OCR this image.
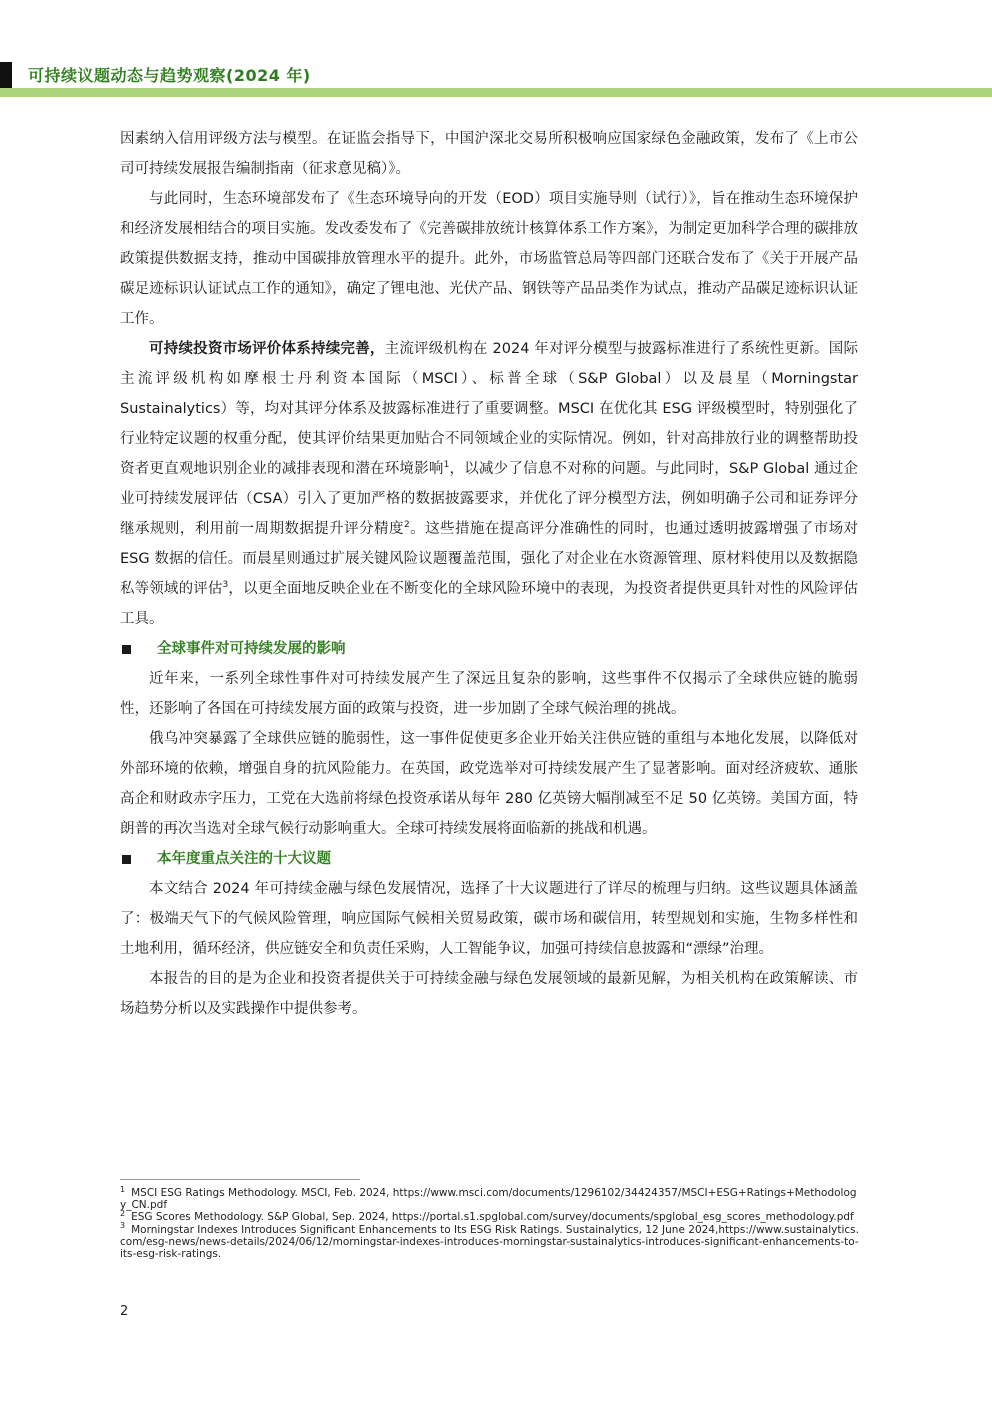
可持续议题动态与趋势观察(2024 年)

因素纳入信用评级方法与模型。在证监会指导下，中国沪深北交易所积极响应国家绿色金融政策，发布了《上市公司可持续发展报告编制指南（征求意见稿）》。

与此同时，生态环境部发布了《生态环境导向的开发（EOD）项目实施导则（试行）》，旨在推动生态环境保护和经济发展相结合的项目实施。发改委发布了《完善碳排放统计核算体系工作方案》，为制定更加科学合理的碳排放政策提供数据支持，推动中国碳排放管理水平的提升。此外，市场监管总局等四部门还联合发布了《关于开展产品碳足迹标识认证试点工作的通知》，确定了锂电池、光伏产品、钢铁等产品品类作为试点，推动产品碳足迹标识认证工作。

可持续投资市场评价体系持续完善，主流评级机构在 2024 年对评分模型与披露标准进行了系统性更新。国际主流评级机构如摩根士丹利资本国际（MSCI）、标普全球（S&P Global）以及晨星（Morningstar Sustainalytics）等，均对其评分体系及披露标准进行了重要调整。MSCI 在优化其 ESG 评级模型时，特别强化了行业特定议题的权重分配，使其评价结果更加贴合不同领域企业的实际情况。例如，针对高排放行业的调整帮助投资者更直观地识别企业的减排表现和潜在环境影响$^1$，以减少了信息不对称的问题。与此同时，S&P Global 通过企业可持续发展评估（CSA）引入了更加严格的数据披露要求，并优化了评分模型方法，例如明确子公司和证券评分继承规则，利用前一周期数据提升评分精度$^2$。这些措施在提高评分准确性的同时，也通过透明披露增强了市场对 ESG 数据的信任。而晨星则通过扩展关键风险议题覆盖范围，强化了对企业在水资源管理、原材料使用以及数据隐私等领域的评估$^3$，以更全面地反映企业在不断变化的全球风险环境中的表现，为投资者提供更具针对性的风险评估工具。

全球事件对可持续发展的影响

近年来，一系列全球性事件对可持续发展产生了深远且复杂的影响，这些事件不仅揭示了全球供应链的脆弱性，还影响了各国在可持续发展方面的政策与投资，进一步加剧了全球气候治理的挑战。

俄乌冲突暴露了全球供应链的脆弱性，这一事件促使更多企业开始关注供应链的重组与本地化发展，以降低对外部环境的依赖，增强自身的抗风险能力。在英国，政党选举对可持续发展产生了显著影响。面对经济疲软、通胀高企和财政赤字压力，工党在大选前将绿色投资承诺从每年 280 亿英镑大幅削减至不足 50 亿英镑。美国方面，特朗普的再次当选对全球气候行动影响重大。全球可持续发展将面临新的挑战和机遇。

本年度重点关注的十大议题

本文结合 2024 年可持续金融与绿色发展情况，选择了十大议题进行了详尽的梳理与归纳。这些议题具体涵盖了：极端天气下的气候风险管理，响应国际气候相关贸易政策，碳市场和碳信用，转型规划和实施，生物多样性和土地利用，循环经济，供应链安全和负责任采购，人工智能争议，加强可持续信息披露和“漂绿”治理。

本报告的目的是为企业和投资者提供关于可持续金融与绿色发展领域的最新见解，为相关机构在政策解读、市场趋势分析以及实践操作中提供参考。

$^1$ MSCI ESG Ratings Methodology. MSCI, Feb. 2024, https://www.msci.com/documents/1296102/34424357/MSCI+ESG+Ratings+Methodology_CN.pdf

$^2$ ESG Scores Methodology. S&P Global, Sep. 2024, https://portal.s1.spglobal.com/survey/documents/spglobal_esg_scores_methodology.pdf

$^3$ Morningstar Indexes Introduces Significant Enhancements to Its ESG Risk Ratings. Sustainalytics, 12 June 2024,https://www.sustainalytics.com/esg-news/news-details/2024/06/12/morningstar-indexes-introduces-morningstar-sustainalytics-introduces-significant-enhancements-to-its-esg-risk-ratings.

2
